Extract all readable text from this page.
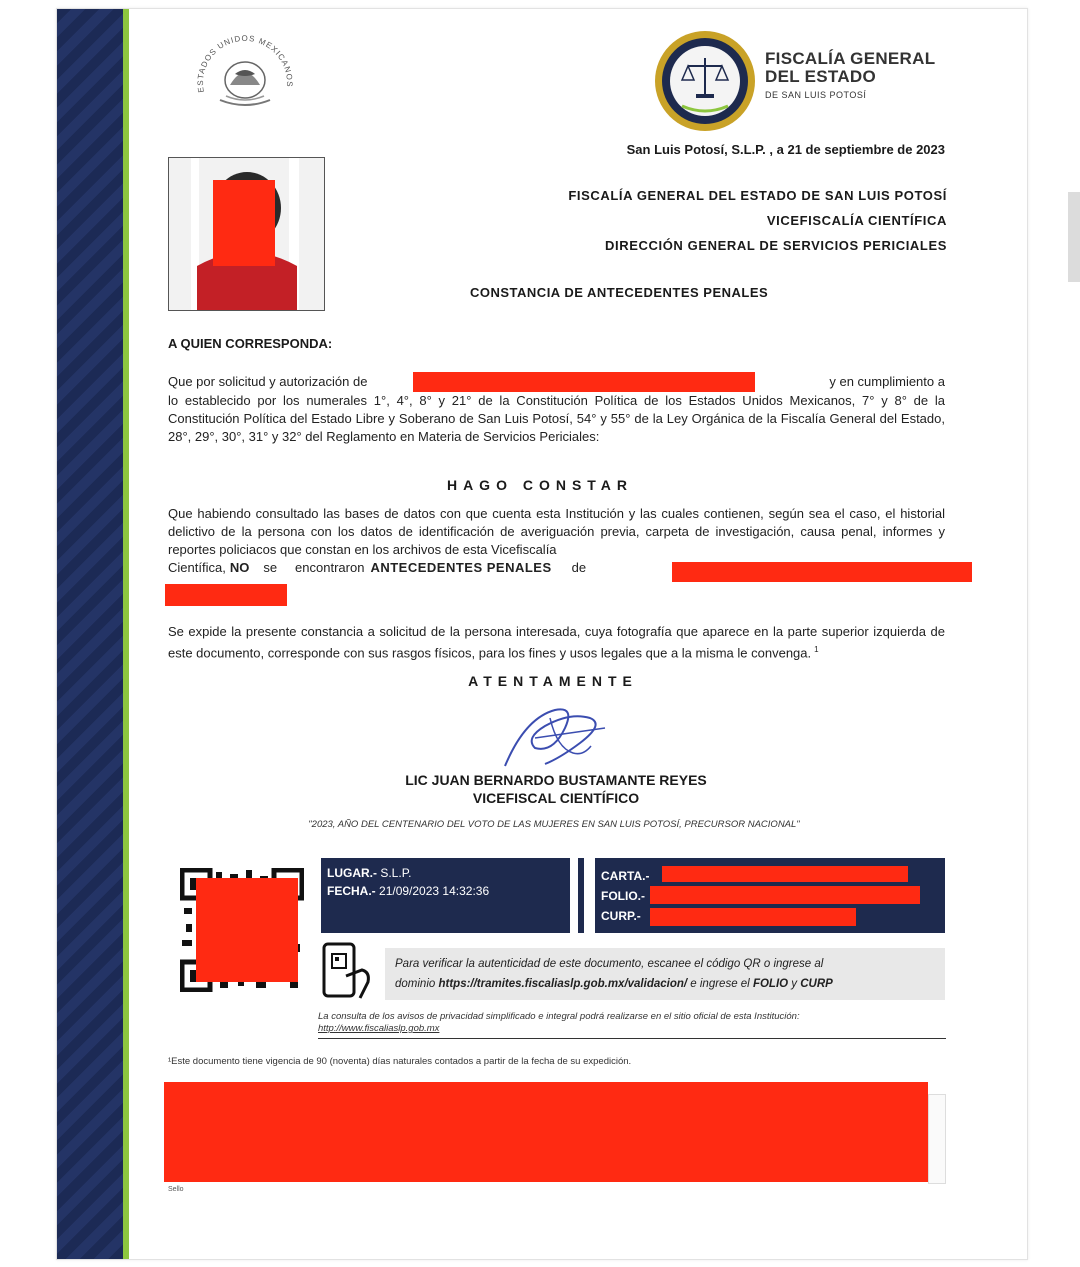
ESTADOS UNIDOS MEXICANOS
FISCALÍA GENERAL
DEL ESTADO
DE SAN LUIS POTOSÍ
San Luis Potosí, S.L.P. , a 21 de septiembre de 2023
FISCALÍA GENERAL DEL ESTADO DE SAN LUIS POTOSÍ
VICEFISCALÍA CIENTÍFICA
DIRECCIÓN GENERAL DE SERVICIOS PERICIALES
CONSTANCIA DE ANTECEDENTES PENALES
A QUIEN CORRESPONDA:
Que por solicitud y autorización de	y en cumplimiento a
lo establecido por los numerales 1°, 4°, 8° y 21° de la Constitución Política de los Estados Unidos Mexicanos, 7° y 8° de la Constitución Política del Estado Libre y Soberano de San Luis Potosí, 54° y 55° de la Ley Orgánica de la Fiscalía General del Estado, 28°, 29°, 30°, 31° y 32° del Reglamento en Materia de Servicios Periciales:
HAGO CONSTAR
Que habiendo consultado las bases de datos con que cuenta esta Institución y las cuales contienen, según sea el caso, el historial delictivo de la persona con los datos de identificación de averiguación previa, carpeta de investigación, causa penal, informes y reportes policiacos que constan en los archivos de esta Vicefiscalía
Científica, NO se encontraron ANTECEDENTES PENALES de
Se expide la presente constancia a solicitud de la persona interesada, cuya fotografía que aparece en la parte superior izquierda de este documento, corresponde con sus rasgos físicos, para los fines y usos legales que a la misma le convenga. $^1$
ATENTAMENTE
LIC JUAN BERNARDO BUSTAMANTE REYES
VICEFISCAL CIENTÍFICO
"2023, AÑO DEL CENTENARIO DEL VOTO DE LAS MUJERES EN SAN LUIS POTOSÍ, PRECURSOR NACIONAL"
LUGAR.- S.L.P.
FECHA.- 21/09/2023 14:32:36
CARTA.-
FOLIO.-
CURP.-
Para verificar la autenticidad de este documento, escanee el código QR o ingrese al
dominio https://tramites.fiscaliaslp.gob.mx/validacion/ e ingrese el FOLIO y CURP
La consulta de los avisos de privacidad simplificado e integral podrá realizarse en el sitio oficial de esta Institución:
http://www.fiscaliaslp.gob.mx
¹Este documento tiene vigencia de 90 (noventa) días naturales contados a partir de la fecha de su expedición.
Sello
